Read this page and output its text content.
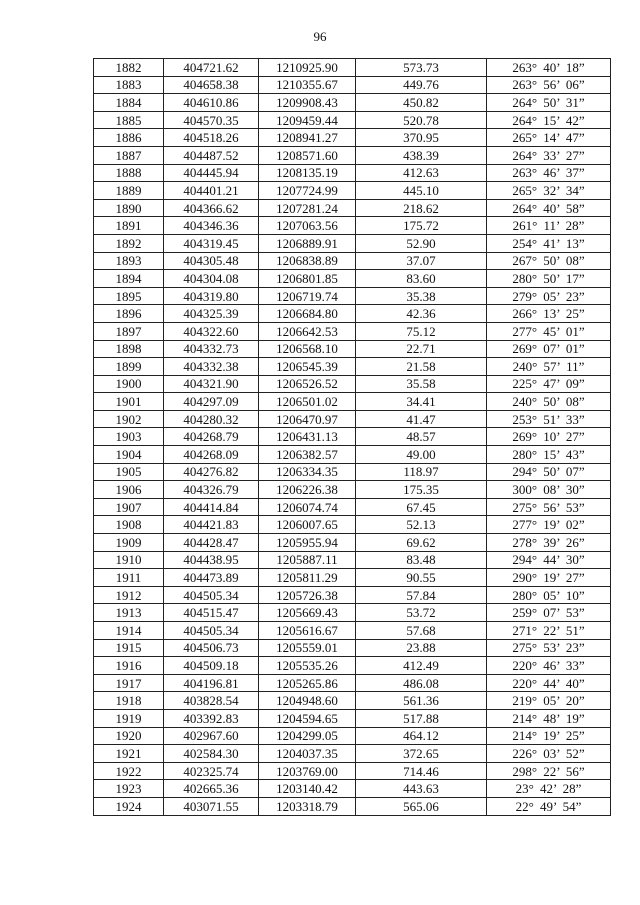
96
1882	404721.62	1210925.90	573.73	263° 40’ 18”
1883	404658.38	1210355.67	449.76	263° 56’ 06”
1884	404610.86	1209908.43	450.82	264° 50’ 31”
1885	404570.35	1209459.44	520.78	264° 15’ 42”
1886	404518.26	1208941.27	370.95	265° 14’ 47”
1887	404487.52	1208571.60	438.39	264° 33’ 27”
1888	404445.94	1208135.19	412.63	263° 46’ 37”
1889	404401.21	1207724.99	445.10	265° 32’ 34”
1890	404366.62	1207281.24	218.62	264° 40’ 58”
1891	404346.36	1207063.56	175.72	261° 11’ 28”
1892	404319.45	1206889.91	52.90	254° 41’ 13”
1893	404305.48	1206838.89	37.07	267° 50’ 08”
1894	404304.08	1206801.85	83.60	280° 50’ 17”
1895	404319.80	1206719.74	35.38	279° 05’ 23”
1896	404325.39	1206684.80	42.36	266° 13’ 25”
1897	404322.60	1206642.53	75.12	277° 45’ 01”
1898	404332.73	1206568.10	22.71	269° 07’ 01”
1899	404332.38	1206545.39	21.58	240° 57’ 11”
1900	404321.90	1206526.52	35.58	225° 47’ 09”
1901	404297.09	1206501.02	34.41	240° 50’ 08”
1902	404280.32	1206470.97	41.47	253° 51’ 33”
1903	404268.79	1206431.13	48.57	269° 10’ 27”
1904	404268.09	1206382.57	49.00	280° 15’ 43”
1905	404276.82	1206334.35	118.97	294° 50’ 07”
1906	404326.79	1206226.38	175.35	300° 08’ 30”
1907	404414.84	1206074.74	67.45	275° 56’ 53”
1908	404421.83	1206007.65	52.13	277° 19’ 02”
1909	404428.47	1205955.94	69.62	278° 39’ 26”
1910	404438.95	1205887.11	83.48	294° 44’ 30”
1911	404473.89	1205811.29	90.55	290° 19’ 27”
1912	404505.34	1205726.38	57.84	280° 05’ 10”
1913	404515.47	1205669.43	53.72	259° 07’ 53”
1914	404505.34	1205616.67	57.68	271° 22’ 51”
1915	404506.73	1205559.01	23.88	275° 53’ 23”
1916	404509.18	1205535.26	412.49	220° 46’ 33”
1917	404196.81	1205265.86	486.08	220° 44’ 40”
1918	403828.54	1204948.60	561.36	219° 05’ 20”
1919	403392.83	1204594.65	517.88	214° 48’ 19”
1920	402967.60	1204299.05	464.12	214° 19’ 25”
1921	402584.30	1204037.35	372.65	226° 03’ 52”
1922	402325.74	1203769.00	714.46	298° 22’ 56”
1923	402665.36	1203140.42	443.63	23° 42’ 28”
1924	403071.55	1203318.79	565.06	22° 49’ 54”
